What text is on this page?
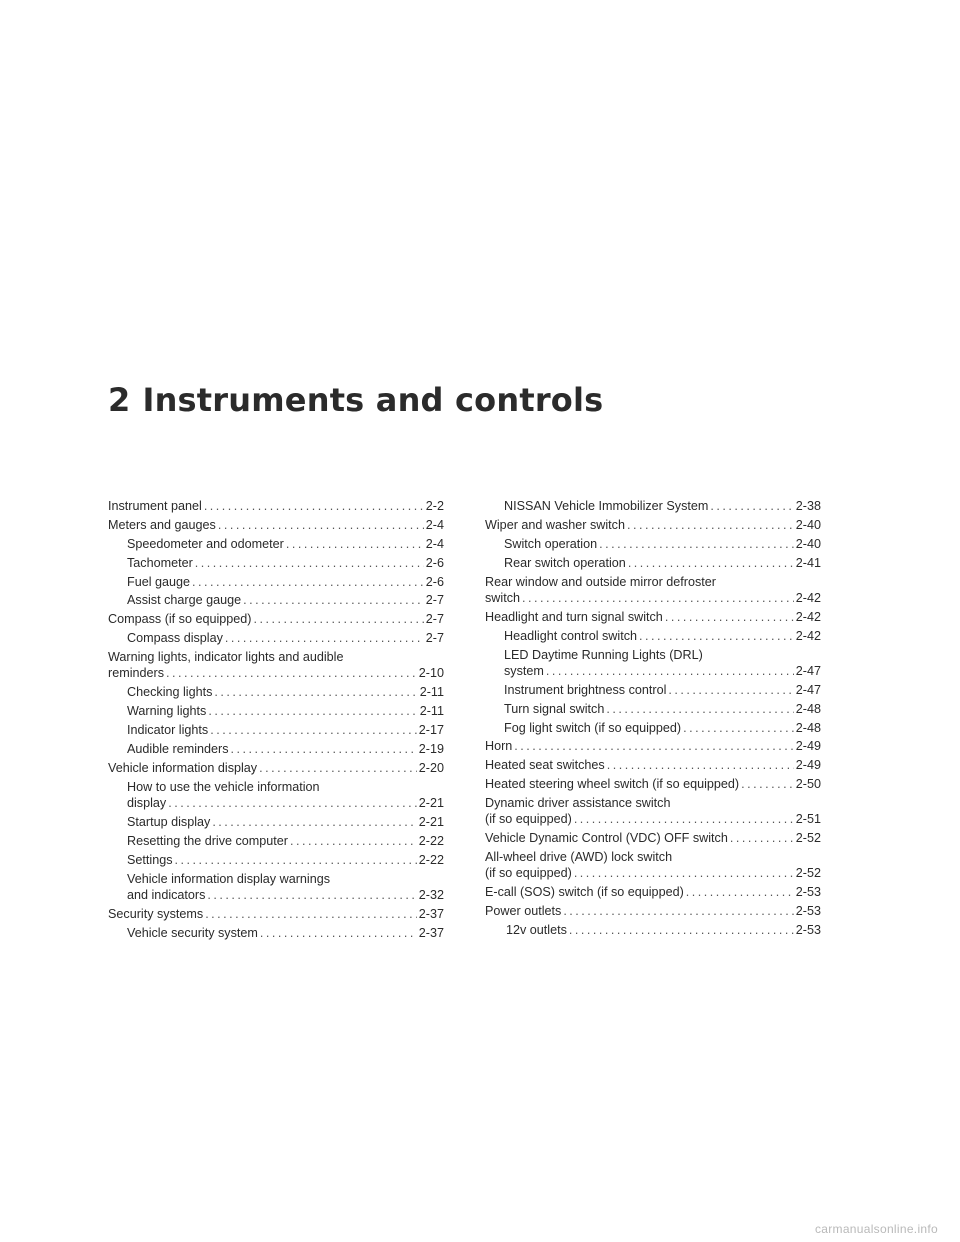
2 Instruments and controls
Instrument panel .....	2-2
Meters and gauges .....	2-4
Speedometer and odometer .....	2-4
Tachometer .....	2-6
Fuel gauge .....	2-6
Assist charge gauge .....	2-7
Compass (if so equipped) .....	2-7
Compass display .....	2-7
Warning lights, indicator lights and audible
reminders .....	2-10
Checking lights .....	2-11
Warning lights .....	2-11
Indicator lights .....	2-17
Audible reminders .....	2-19
Vehicle information display .....	2-20
How to use the vehicle information
display .....	2-21
Startup display .....	2-21
Resetting the drive computer .....	2-22
Settings .....	2-22
Vehicle information display warnings
and indicators .....	2-32
Security systems .....	2-37
Vehicle security system .....	2-37
NISSAN Vehicle Immobilizer System .....	2-38
Wiper and washer switch .....	2-40
Switch operation .....	2-40
Rear switch operation .....	2-41
Rear window and outside mirror defroster
switch .....	2-42
Headlight and turn signal switch .....	2-42
Headlight control switch .....	2-42
LED Daytime Running Lights (DRL)
system .....	2-47
Instrument brightness control .....	2-47
Turn signal switch .....	2-48
Fog light switch (if so equipped) .....	2-48
Horn .....	2-49
Heated seat switches .....	2-49
Heated steering wheel switch (if so equipped) .....	2-50
Dynamic driver assistance switch
(if so equipped) .....	2-51
Vehicle Dynamic Control (VDC) OFF switch .....	2-52
All-wheel drive (AWD) lock switch
(if so equipped) .....	2-52
E-call (SOS) switch (if so equipped) .....	2-53
Power outlets .....	2-53
12v outlets .....	2-53
carmanualsonline.info
